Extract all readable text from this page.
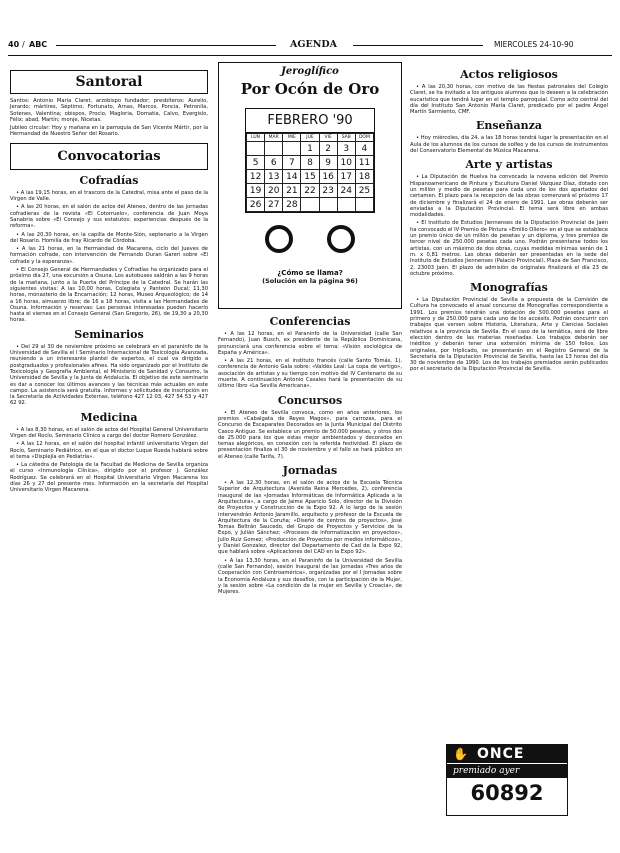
40 / ABC	AGENDA	MIERCOLES 24-10-90
Santoral

Santos: Antonio María Claret, arzobispo fundador; presbíteros: Aurelio, Jerardo; mártires, Séptimo, Fortunato, Arnas, Marcos, Poncia, Petronila, Sotenes, Valentina; obispos, Procio, Magloria, Domatia, Calvo, Evergislo, Félix; abad, Martín; monje, Nicetas.

Jubileo circular: Hoy y mañana en la parroquia de San Vicente Mártir, por la Hermandad de Nuestro Señor del Rosario.

Convocatorias
Cofradías

• A las 19,15 horas, en el trascoro de la Catedral, misa ante el paso de la Virgen de Valle.

• A las 20 horas, en el salón de actos del Ateneo, dentro de las jornadas cofradieras de la revista «El Cotorruelo», conferencia de Juan Moya Sanabria sobre «El Consejo y sus estatutos: experiencias después de la reforma».

• A las 20,30 horas, en la capilla de Monte-Sión, septenario a la Virgen del Rosario. Homilía de fray Ricardo de Córdoba.

• A las 21 horas, en la Hermandad de Macarena, ciclo del Jueves de formación cofrade, con intervención de Fernando Duran Gareri sobre «El cofrade y la esperanza».

• El Consejo General de Hermandades y Cofradías ha organizado para el próximo día 27, una excursión a Osuna. Los autobuses saldrán a las 9 horas de la mañana, junto a la Puerta del Príncipe de la Catedral. Se harán las siguientes visitas: A las 10,00 horas, Colegiata y Panteón Ducal; 11,30 horas, monasterio de la Encarnación; 12 horas, Museo Arqueológico; de 14 a 16 horas, almuerzo libre; de 16 a 18 horas, visita a las Hermandades de Osuna. Información y reservas: Las personas interesadas pueden hacerlo hasta el viernes en el Consejo General (San Gregorio, 26), de 19,30 a 20,30 horas.

Seminarios

• Del 29 al 30 de noviembre próximo se celebrará en el paraninfo de la Universidad de Sevilla el I Seminario Internacional de Toxicología Avanzada, reuniendo a un interesante plantel de expertos, el cual va dirigido a postgraduados y profesionales afines. Ha sido organizado por el Instituto de Toxicología y Geografía Ambiental, el Ministerio de Sanidad y Consumo, la Universidad de Sevilla y la Junta de Andalucía. El objetivo de este seminario es dar a conocer los últimos avances y las técnicas más actuales en este campo. La asistencia será gratuita. Informes y solicitudes de inscripción en la Secretaría de Actividades Externas, teléfono 427 12 03, 427 54 53 y 427 62 92.

Medicina

• A las 8,30 horas, en el salón de actos del Hospital General Universitario Virgen del Rocío, Seminario Clínico a cargo del doctor Romero González.

• A las 12 horas, en el salón del hospital infantil universitario Virgen del Rocío, Seminario Pediátrico, en el que el doctor Luque Rueda hablará sobre el tema «Displejía en Pediatría».

• La cátedra de Patología de la Facultad de Medicina de Sevilla organiza el curso «Inmunología Clínica», dirigido por el profesor J. González Rodríguez. Se celebrará en el Hospital Universitario Virgen Macarena los días 26 y 27 del presente mes. Información en la secretaría del Hospital Universitario Virgen Macarena.

Jeroglífico
Por Ocón de Oro
FEBRERO '90
LUN	MAR	MIE	JUE	VIE	SAB	DOM
			1	2	3	4
5	6	7	8	9	10	11
12	13	14	15	16	17	18
19	20	21	22	23	24	25
26	27	28				

¿Cómo se llama?
(Solución en la página 96)
Conferencias

• A las 12 horas, en el Paraninfo de la Universidad (calle San Fernando), Juan Busch, ex presidente de la República Dominicana, pronunciará una conferencia sobre el tema: «Visión sociológica de España y América».

• A las 21 horas, en el instituto francés (calle Santo Tomás, 1), conferencia de Antonio Gala sobre: «Valdés Leal: La copa de vertigo», asociación de artistas y su tiempo con motivo del IV Centenario de su muerte. A continuación Antonio Casales hará la presentación de su último libro «La Sevilla Americana».

Concursos

• El Ateneo de Sevilla convoca, como en años anteriores, los premios «Cabalgata de Reyes Magos», para carrozas, para el Concurso de Escaparates Decorados en la Junta Municipal del Distrito Casco Antiguo. Se establece un premio de 50.000 pesetas, y otros dos de 25.000 para los que estas mejor ambientados y decorados en temas alegóricos, en conexión con la referida festividad. El plazo de presentación finaliza el 30 de noviembre y el fallo se hará público en el Ateneo (calle Tarifa, 7).

Jornadas

• A las 12,30 horas, en el salón de actos de la Escuela Técnica Superior de Arquitectura (Avenida Reina Mercedes, 2), conferencia inaugural de las «Jornadas Informáticas de Informática Aplicada a la Arquitectura», a cargo de Jaime Aparicio Solo, director de la División de Proyectos y Construcción de la Expo 92. A lo largo de la sesión intervendrán Antonio Jaramillo, arquitecto y profesor de la Escuela de Arquitectura de la Coruña; «Diseño de centros de proyectos», José Tomas Beltrán Saucedo, del Grupo de Proyectos y Servicios de la Expo, y Julián Sánchez; «Procesos de informatización en proyectos», Julio Ruiz Gomez; «Producción de Proyectos por medios informáticos», y Daniel Gonzalez, director del Departamento de Cad de la Expo 92, que hablará sobre «Aplicaciones del CAD en la Expo 92».

• A las 13,30 horas, en el Paraninfo de la Universidad de Sevilla (calle San Fernando), sesión inaugural de las jornadas «Tres años de Cooperación con Centroamérica», organizadas por el I Jornadas sobre la Economía Andaluza y sus desafíos, con la participación de la Mujer, y la sesión sobre «La condición de la mujer en Sevilla y Croacia», de Mujeres.

Actos religiosos

• A las 20,30 horas, con motivo de las fiestas patronales del Colegio Claret, se ha invitado a los antiguos alumnos que lo deseen a la celebración eucarística que tendrá lugar en el templo parroquial. Como acto central del día del Instituto San Antonio María Claret, predicado por el padre Ángel Martín Sarmiento, CMF.

Enseñanza

• Hoy miércoles, día 24, a las 18 horas tendrá lugar la presentación en el Aula de los alumnos de los cursos de solfeo y de los cursos de instrumentos del Conservatorio Elemental de Música Macarena.

Arte y artistas

• La Diputación de Huelva ha convocado la novena edición del Premio Hispanoamericano de Pintura y Escultura Daniel Vázquez Díaz, dotado con un millón y medio de pesetas para cada uno de los dos apartados del certamen. El plazo para la recepción de las obras comenzará el próximo 17 de diciembre y finalizará el 24 de enero de 1991. Las obras deberán ser enviadas a la Diputación Provincial. El tema será libre en ambas modalidades.

• El Instituto de Estudios Jiennenses de la Diputación Provincial de Jaén ha convocado el IV Premio de Pintura «Emilio Ollero» en el que se establece un premio único de un millón de pesetas y un diploma, y tres premios de tercer nivel de 250.000 pesetas cada uno. Podrán presentarse todos los artistas, con un máximo de dos obras, cuyas medidas mínimas serán de 1 m. x 0,81 metros. Las obras deberán ser presentadas en la sede del Instituto de Estudios Jiennenses (Palacio Provincial), Plaza de San Francisco, 2, 23003 Jaén. El plazo de admisión de originales finalizará el día 23 de octubre próximo.

Monografías

• La Diputación Provincial de Sevilla a propuesta de la Comisión de Cultura ha convocado el anual concurso de Monografías correspondiente a 1991. Los premios tendrán una dotación de 500.000 pesetas para el primero y de 250.000 para cada uno de los accésits. Podrán concurrir con trabajos que versen sobre Historia, Literatura, Arte y Ciencias Sociales relativos a la provincia de Sevilla. En el caso de la temática, será de libre elección dentro de las materias reseñadas. Los trabajos deberán ser inéditos y deberán tener una extensión mínima de 150 folios. Los originales, por triplicado, se presentarán en el Registro General de la Secretaría de la Diputación Provincial de Sevilla, hasta las 13 horas del día 30 de noviembre de 1990. Los de los trabajos premiados serán publicados por el secretario de la Diputación Provincial de Sevilla.

✋ ONCE
premiado ayer
60892
